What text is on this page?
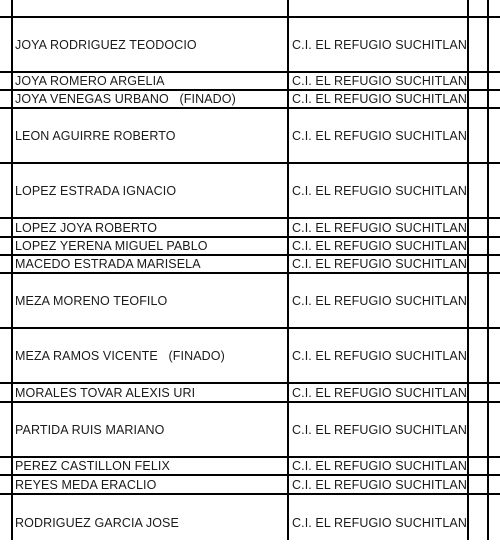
JOYA RODRIGUEZ TEODOCIO	C.I. EL REFUGIO SUCHITLAN
JOYA ROMERO ARGELIA	C.I. EL REFUGIO SUCHITLAN
JOYA VENEGAS URBANO   (FINADO)	C.I. EL REFUGIO SUCHITLAN
LEON AGUIRRE ROBERTO	C.I. EL REFUGIO SUCHITLAN
LOPEZ ESTRADA IGNACIO	C.I. EL REFUGIO SUCHITLAN
LOPEZ JOYA ROBERTO	C.I. EL REFUGIO SUCHITLAN
LOPEZ YERENA MIGUEL PABLO	C.I. EL REFUGIO SUCHITLAN
MACEDO ESTRADA MARISELA	C.I. EL REFUGIO SUCHITLAN
MEZA MORENO TEOFILO	C.I. EL REFUGIO SUCHITLAN
MEZA RAMOS VICENTE   (FINADO)	C.I. EL REFUGIO SUCHITLAN
MORALES TOVAR ALEXIS URI	C.I. EL REFUGIO SUCHITLAN
PARTIDA RUIS MARIANO	C.I. EL REFUGIO SUCHITLAN
PEREZ CASTILLON FELIX	C.I. EL REFUGIO SUCHITLAN
REYES MEDA ERACLIO	C.I. EL REFUGIO SUCHITLAN
RODRIGUEZ GARCIA JOSE	C.I. EL REFUGIO SUCHITLAN
